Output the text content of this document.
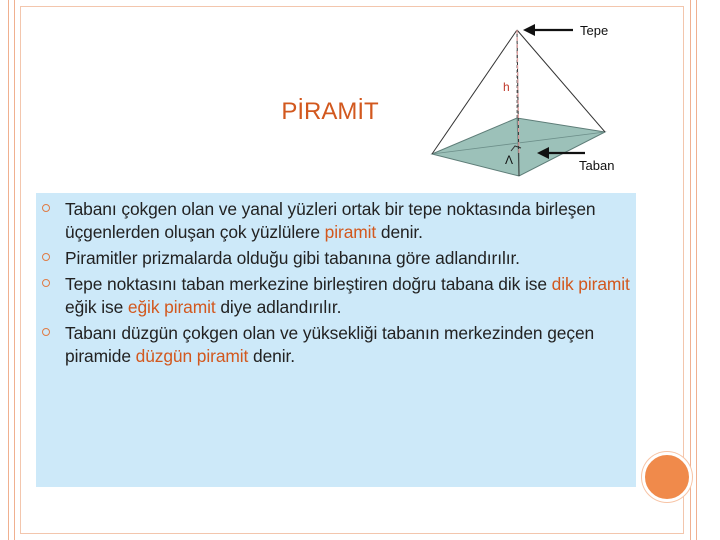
PİRAMİT
Tepe
h
Taban
Λ
Tabanı çokgen olan ve yanal yüzleri ortak bir tepe noktasında birleşen üçgenlerden oluşan çok yüzlülere piramit denir.
Piramitler prizmalarda olduğu gibi tabanına göre adlandırılır.
Tepe noktasını taban merkezine birleştiren doğru tabana dik ise dik piramit eğik ise eğik piramit diye adlandırılır.
Tabanı düzgün çokgen olan ve yüksekliği tabanın merkezinden geçen piramide düzgün piramit denir.
